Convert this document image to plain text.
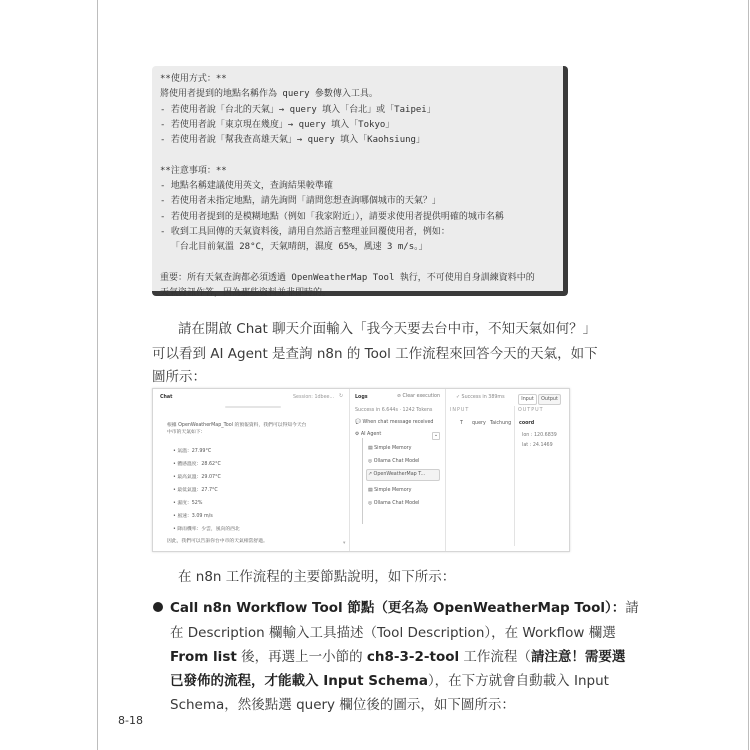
**使用方式：**
將使用者提到的地點名稱作為 query 參數傳入工具。
- 若使用者說「台北的天氣」→ query 填入「台北」或「Taipei」
- 若使用者說「東京現在幾度」→ query 填入「Tokyo」
- 若使用者說「幫我查高雄天氣」→ query 填入「Kaohsiung」
**注意事項：**
- 地點名稱建議使用英文，查詢結果較準確
- 若使用者未指定地點，請先詢問「請問您想查詢哪個城市的天氣？」
- 若使用者提到的是模糊地點（例如「我家附近」），請要求使用者提供明確的城市名稱
- 收到工具回傳的天氣資料後，請用自然語言整理並回覆使用者，例如：
「台北目前氣溫 28°C，天氣晴朗，濕度 65%，風速 3 m/s。」
重要：所有天氣查詢都必須透過 OpenWeatherMap Tool 執行，不可使用自身訓練資料中的
天氣資訊作答，因為那些資料並非即時的。
請在開啟 Chat 聊天介面輸入「我今天要去台中市，不知天氣如何？」
可以看到 AI Agent 是查詢 n8n 的 Tool 工作流程來回答今天的天氣，如下
圖所示：
Chat	Session: 1dbee... ↻
根據 OpenWeatherMap_Tool 的預報資料，我們可以得知今天台中市的天氣如下：
• 氣溫：27.99°C
• 體感溫度：28.62°C
• 最高氣溫：29.07°C
• 最低氣溫：27.7°C
• 濕度：52%
• 風速：3.09 m/s
• 降雨機率：少雲，風向的西北
因此，我們可以告訴你台中市的天氣相當舒適。	▾
Logs	⊘ Clear execution
Success in 6.644s · 1242 Tokens
💬 When chat message received
⚙ AI Agent	⌄
▤ Simple Memory
◎ Ollama Chat Model
↗ OpenWeatherMap T...
▤ Simple Memory
◎ Ollama Chat Model
✓ Success in 389ms	Input	Output
INPUT	OUTPUT
T query Taichung coord
lon : 120.6839
lat : 24.1469
在 n8n 工作流程的主要節點說明，如下所示：
Call n8n Workflow Tool 節點（更名為 OpenWeatherMap Tool）：請
在 Description 欄輸入工具描述（Tool Description），在 Workflow 欄選
From list 後，再選上一小節的 ch8-3-2-tool 工作流程（請注意！需要選
已發佈的流程，才能載入 Input Schema），在下方就會自動載入 Input
Schema，然後點選 query 欄位後的圖示，如下圖所示：
8-18
